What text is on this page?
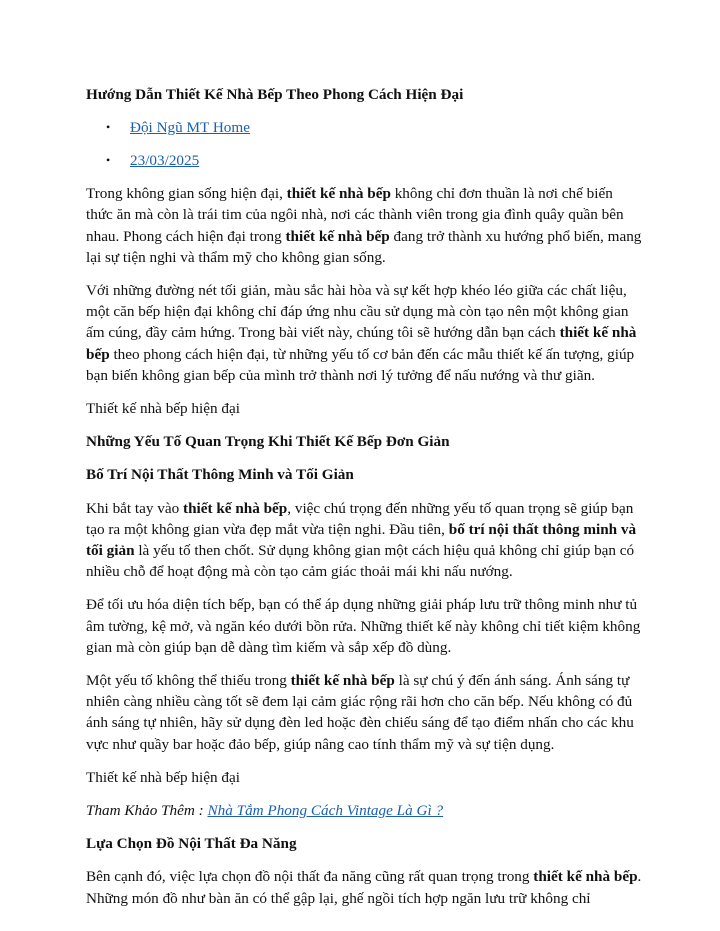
Hướng Dẫn Thiết Kế Nhà Bếp Theo Phong Cách Hiện Đại
• Đội Ngũ MT Home
• 23/03/2025

Trong không gian sống hiện đại, thiết kế nhà bếp không chỉ đơn thuần là nơi chế biến thức ăn mà còn là trái tim của ngôi nhà, nơi các thành viên trong gia đình quây quần bên nhau. Phong cách hiện đại trong thiết kế nhà bếp đang trở thành xu hướng phổ biến, mang lại sự tiện nghi và thẩm mỹ cho không gian sống.

Với những đường nét tối giản, màu sắc hài hòa và sự kết hợp khéo léo giữa các chất liệu, một căn bếp hiện đại không chỉ đáp ứng nhu cầu sử dụng mà còn tạo nên một không gian ấm cúng, đầy cảm hứng. Trong bài viết này, chúng tôi sẽ hướng dẫn bạn cách thiết kế nhà bếp theo phong cách hiện đại, từ những yếu tố cơ bản đến các mẫu thiết kế ấn tượng, giúp bạn biến không gian bếp của mình trở thành nơi lý tưởng để nấu nướng và thư giãn.

Thiết kế nhà bếp hiện đại

Những Yếu Tố Quan Trọng Khi Thiết Kế Bếp Đơn Giản
Bố Trí Nội Thất Thông Minh và Tối Giản

Khi bắt tay vào thiết kế nhà bếp, việc chú trọng đến những yếu tố quan trọng sẽ giúp bạn tạo ra một không gian vừa đẹp mắt vừa tiện nghi. Đầu tiên, bố trí nội thất thông minh và tối giản là yếu tố then chốt. Sử dụng không gian một cách hiệu quả không chỉ giúp bạn có nhiều chỗ để hoạt động mà còn tạo cảm giác thoải mái khi nấu nướng.

Để tối ưu hóa diện tích bếp, bạn có thể áp dụng những giải pháp lưu trữ thông minh như tủ âm tường, kệ mở, và ngăn kéo dưới bồn rửa. Những thiết kế này không chỉ tiết kiệm không gian mà còn giúp bạn dễ dàng tìm kiếm và sắp xếp đồ dùng.

Một yếu tố không thể thiếu trong thiết kế nhà bếp là sự chú ý đến ánh sáng. Ánh sáng tự nhiên càng nhiều càng tốt sẽ đem lại cảm giác rộng rãi hơn cho căn bếp. Nếu không có đủ ánh sáng tự nhiên, hãy sử dụng đèn led hoặc đèn chiếu sáng để tạo điểm nhấn cho các khu vực như quầy bar hoặc đảo bếp, giúp nâng cao tính thẩm mỹ và sự tiện dụng.

Thiết kế nhà bếp hiện đại

Tham Khảo Thêm : Nhà Tắm Phong Cách Vintage Là Gì ?

Lựa Chọn Đồ Nội Thất Đa Năng

Bên cạnh đó, việc lựa chọn đồ nội thất đa năng cũng rất quan trọng trong thiết kế nhà bếp. Những món đồ như bàn ăn có thể gập lại, ghế ngồi tích hợp ngăn lưu trữ không chỉ
